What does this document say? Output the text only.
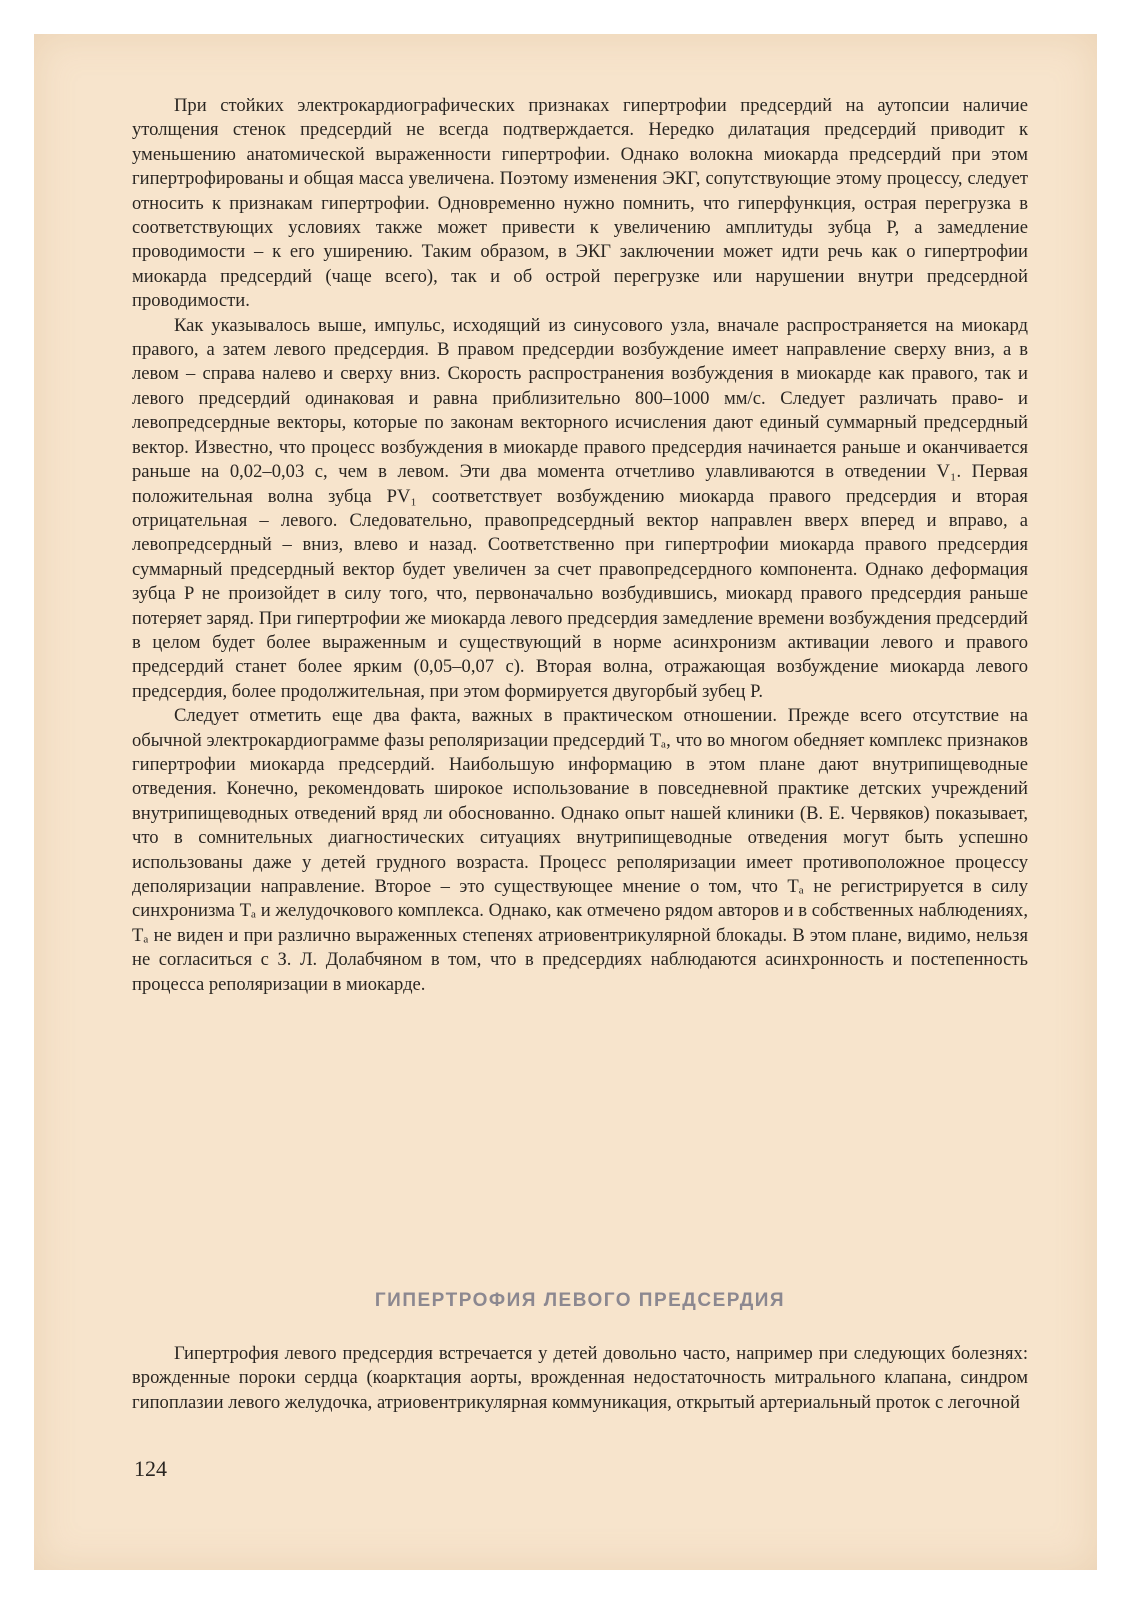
При стойких электрокардиографических признаках гипертрофии предсердий на аутопсии наличие утолщения стенок предсердий не всегда подтверждается. Нередко дилатация предсердий приводит к уменьшению анатомической выраженности гипертрофии. Однако волокна миокарда предсердий при этом гипертрофированы и общая масса увеличена. Поэтому изменения ЭКГ, сопутствующие этому процессу, следует относить к признакам гипертрофии. Одновременно нужно помнить, что гиперфункция, острая перегрузка в соответствующих условиях также может привести к увеличению амплитуды зубца P, а замедление проводимости – к его уширению. Таким образом, в ЭКГ заключении может идти речь как о гипертрофии миокарда предсердий (чаще всего), так и об острой перегрузке или нарушении внутри предсердной проводимости.

Как указывалось выше, импульс, исходящий из синусового узла, вначале распространяется на миокард правого, а затем левого предсердия. В правом предсердии возбуждение имеет направление сверху вниз, а в левом – справа налево и сверху вниз. Скорость распространения возбуждения в миокарде как правого, так и левого предсердий одинаковая и равна приблизительно 800–1000 мм/с. Следует различать право- и левопредсердные векторы, которые по законам векторного исчисления дают единый суммарный предсердный вектор. Известно, что процесс возбуждения в миокарде правого предсердия начинается раньше и оканчивается раньше на 0,02–0,03 с, чем в левом. Эти два момента отчетливо улавливаются в отведении V₁. Первая положительная волна зубца PV₁ соответствует возбуждению миокарда правого предсердия и вторая отрицательная – левого. Следовательно, правопредсердный вектор направлен вверх вперед и вправо, а левопредсердный – вниз, влево и назад. Соответственно при гипертрофии миокарда правого предсердия суммарный предсердный вектор будет увеличен за счет правопредсердного компонента. Однако деформация зубца P не произойдет в силу того, что, первоначально возбудившись, миокард правого предсердия раньше потеряет заряд. При гипертрофии же миокарда левого предсердия замедление времени возбуждения предсердий в целом будет более выраженным и существующий в норме асинхронизм активации левого и правого предсердий станет более ярким (0,05–0,07 с). Вторая волна, отражающая возбуждение миокарда левого предсердия, более продолжительная, при этом формируется двугорбый зубец P.

Следует отметить еще два факта, важных в практическом отношении. Прежде всего отсутствие на обычной электрокардиограмме фазы реполяризации предсердий Tₐ, что во многом обедняет комплекс признаков гипертрофии миокарда предсердий. Наибольшую информацию в этом плане дают внутрипищеводные отведения. Конечно, рекомендовать широкое использование в повседневной практике детских учреждений внутрипищеводных отведений вряд ли обоснованно. Однако опыт нашей клиники (В. Е. Червяков) показывает, что в сомнительных диагностических ситуациях внутрипищеводные отведения могут быть успешно использованы даже у детей грудного возраста. Процесс реполяризации имеет противоположное процессу деполяризации направление. Второе – это существующее мнение о том, что Tₐ не регистрируется в силу синхронизма Tₐ и желудочкового комплекса. Однако, как отмечено рядом авторов и в собственных наблюдениях, Tₐ не виден и при различно выраженных степенях атриовентрикулярной блокады. В этом плане, видимо, нельзя не согласиться с З. Л. Долабчяном в том, что в предсердиях наблюдаются асинхронность и постепенность процесса реполяризации в миокарде.

ГИПЕРТРОФИЯ ЛЕВОГО ПРЕДСЕРДИЯ

Гипертрофия левого предсердия встречается у детей довольно часто, например при следующих болезнях: врожденные пороки сердца (коарктация аорты, врожденная недостаточность митрального клапана, синдром гипоплазии левого желудочка, атриовентрикулярная коммуникация, открытый артериальный проток с легочной

124
